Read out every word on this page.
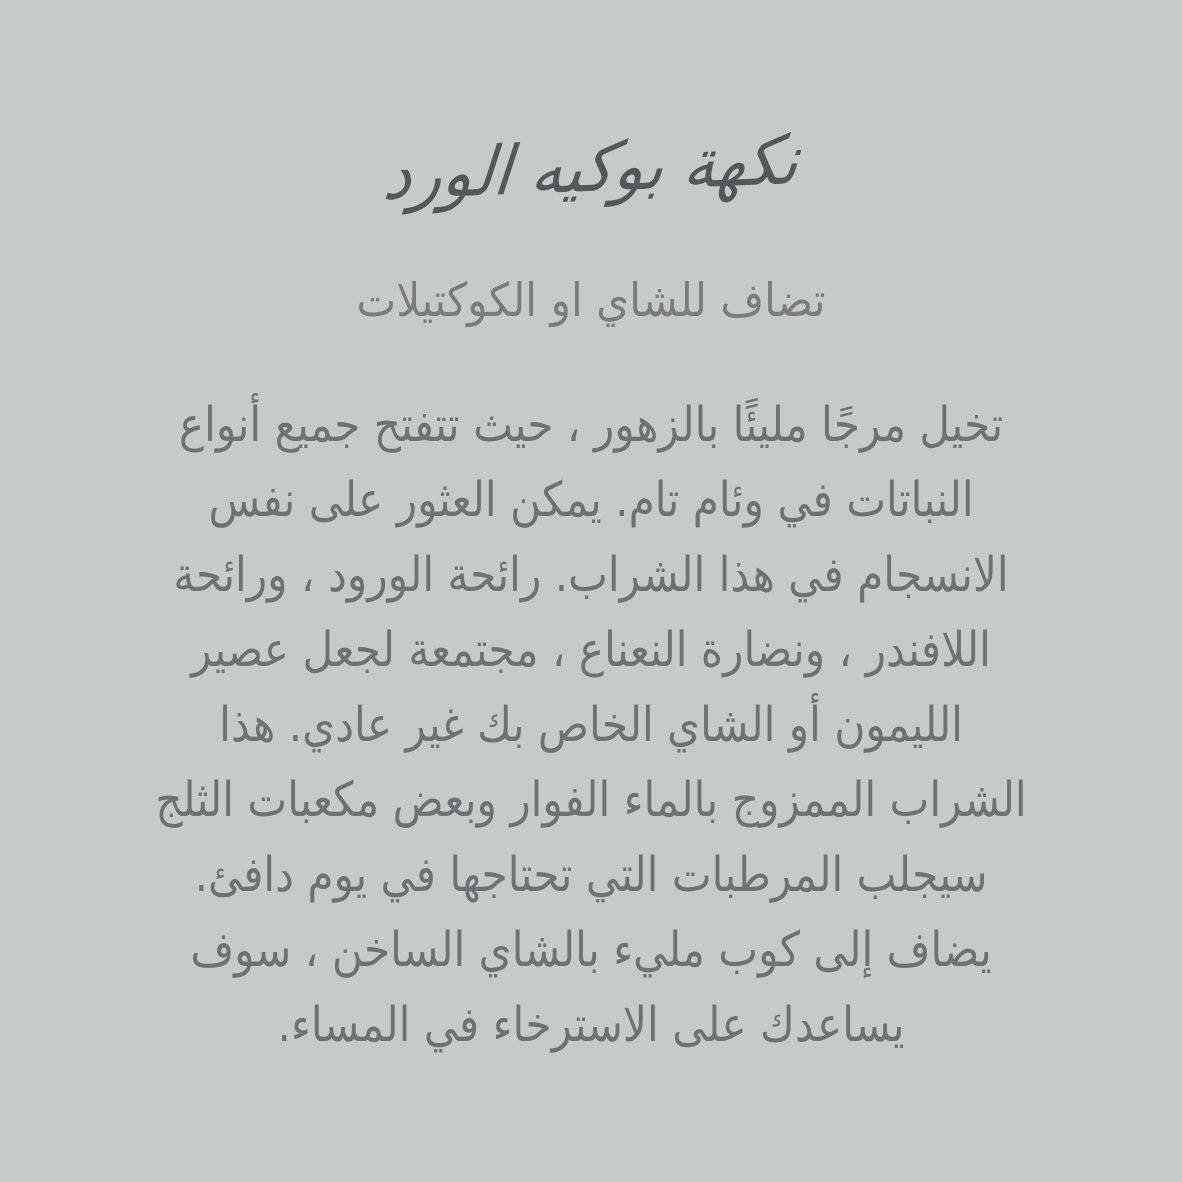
نكهة بوكيه الورد
تضاف للشاي او الكوكتيلات
تخيل مرجًا مليئًا بالزهور ، حيث تتفتح جميع أنواع
النباتات في وئام تام. يمكن العثور على نفس
الانسجام في هذا الشراب. رائحة الورود ، ورائحة
اللافندر ، ونضارة النعناع ، مجتمعة لجعل عصير
الليمون أو الشاي الخاص بك غير عادي. هذا
الشراب الممزوج بالماء الفوار وبعض مكعبات الثلج
سيجلب المرطبات التي تحتاجها في يوم دافئ.
يضاف إلى كوب مليء بالشاي الساخن ، سوف
يساعدك على الاسترخاء في المساء.
